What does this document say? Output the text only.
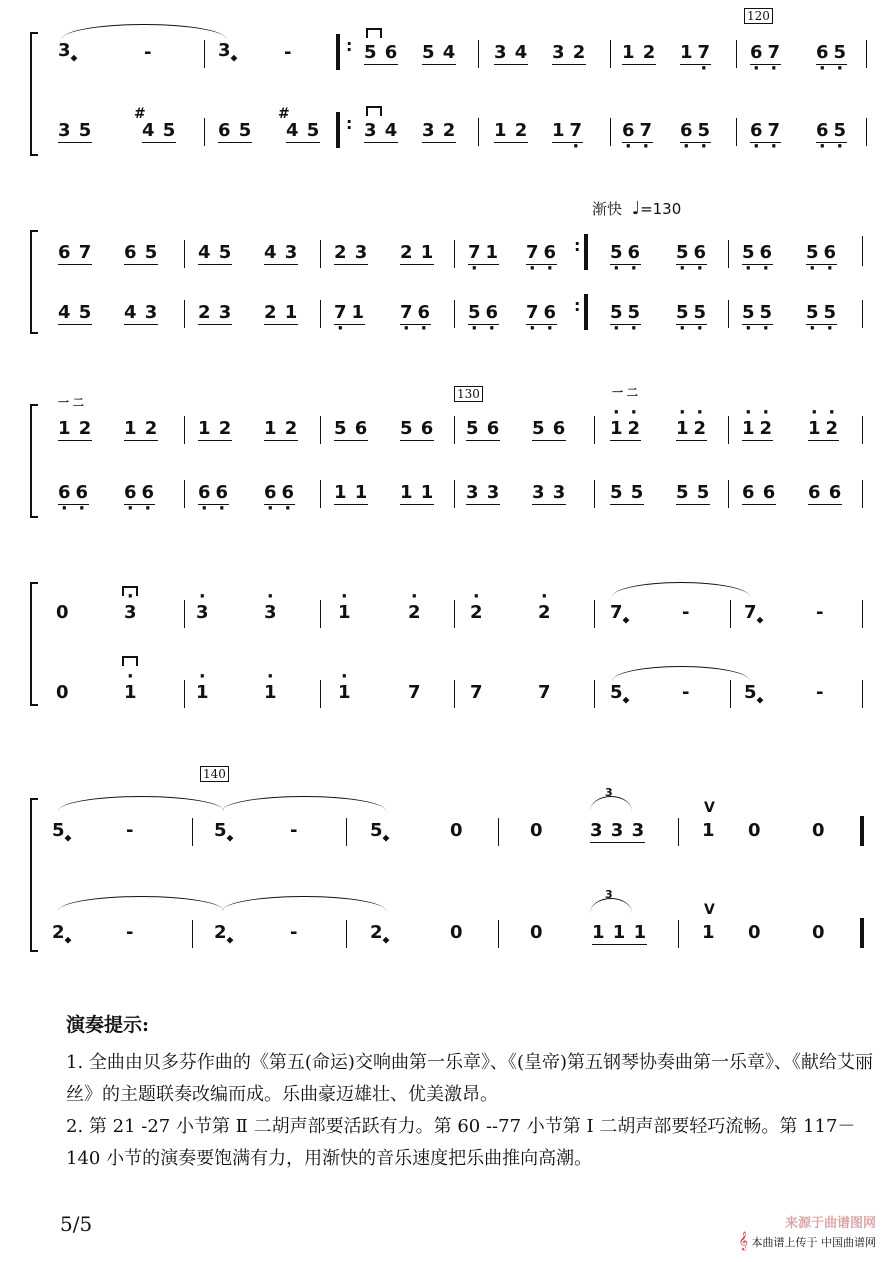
120
$3_◆$	-	$3_◆$	-	: 5 6 5 4 3 4 3 2 1 2 1 7 · 6 · 7 · 6 · 5 ·
3 5
#
4 5 6 5
#
4 5 : 3 4 3 2 1 2 1 7 · 6 · 7 · 6 · 5 · 6 · 7 · 6 · 5 ·
渐快 ♩=130
6 7 6 5 4 5 4 3 2 3 2 1 7 · 1 7 · 6 · : 5 · 6 · 5 · 6 · 5 · 6 · 5 · 6 ·
4 5 4 3 2 3 2 1 7 · 1 7 · 6 · 5 · 6 · 7 · 6 · : 5 · 5 · 5 · 5 · 5 · 5 · 5 · 5 ·
130
一 二
一 二
1 2 1 2 1 2 1 2 5 6 5 6 5 6 5 6 · 1 · 2 · 1 · 2 · 1 · 2 · 1 · 2
6 · 6 · 6 · 6 · 6 · 6 · 6 · 6 · 1 1 1 1 3 3 3 3 5 5 5 5 6 6 6 6
0	· 3	· 3	· 3	· 1	· 2	· 2	· 2	$7_◆$	-	$7_◆$	-
0	· 1	· 1	· 1	· 1	7	7	7	$5_◆$	-	$5_◆$	-
140
3
3
$5_◆$	-	$5_◆$	-	$5_◆$	0	0	3 3 3
V
1 0	0
$2_◆$	-	$2_◆$	-	$2_◆$	0	0	1 1 1
V
1 0	0
演奏提示:
1. 全曲由贝多芬作曲的《第五(命运)交响曲第一乐章》、《(皇帝)第五钢琴协奏曲第一乐章》、《献给艾丽丝》的主题联奏改编而成。乐曲豪迈雄壮、优美激昂。
2. 第 21 -27 小节第 Ⅱ 二胡声部要活跃有力。第 60 --77 小节第 Ⅰ 二胡声部要轻巧流畅。第 117－140 小节的演奏要饱满有力，用渐快的音乐速度把乐曲推向高潮。
5/5	来源于曲谱图网
𝄞 本曲谱上传于 中国曲谱网
